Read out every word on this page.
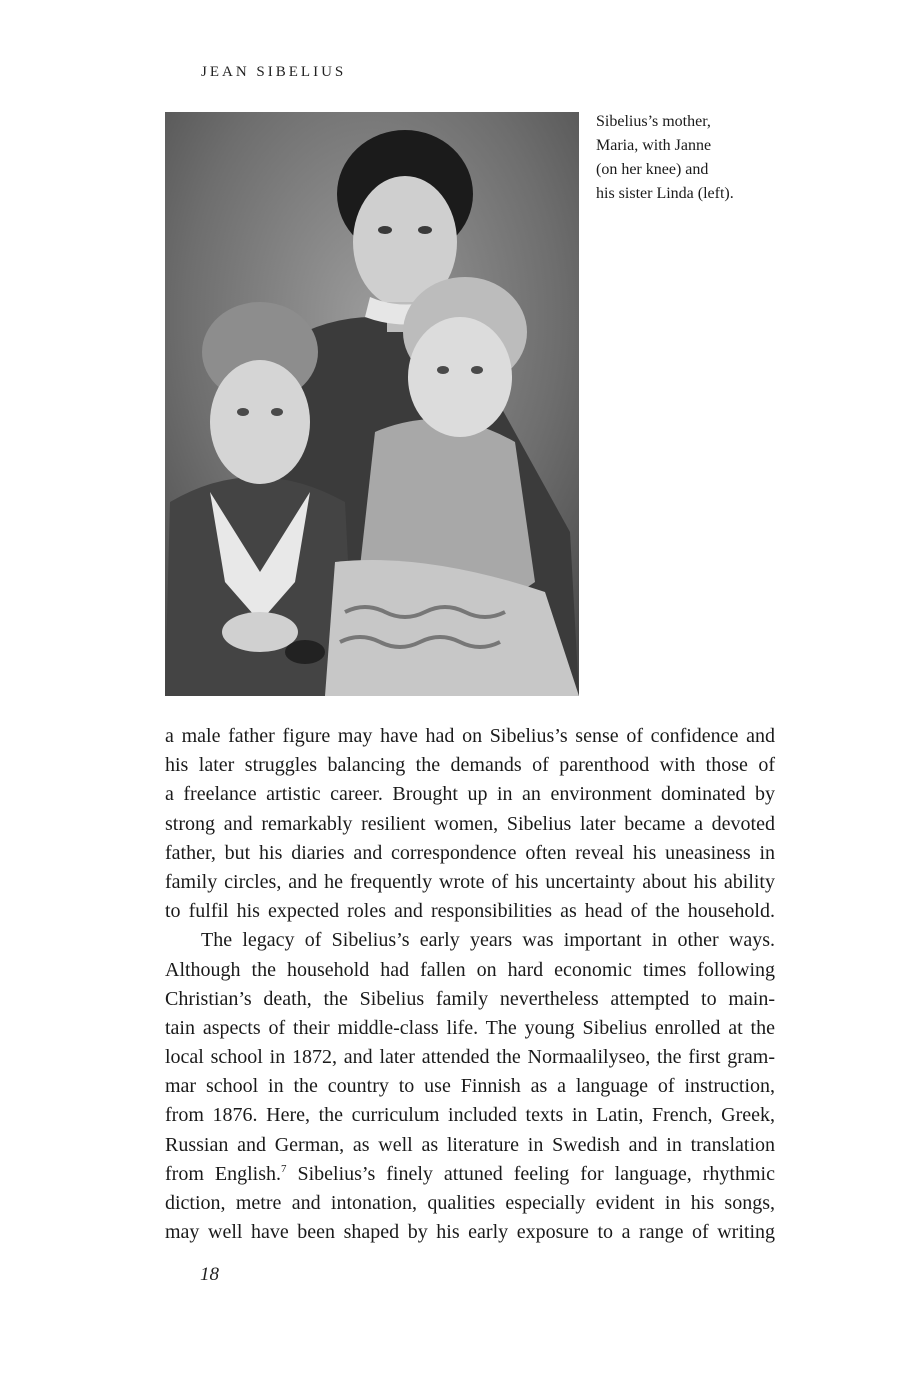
JEAN SIBELIUS
Sibelius’s mother,
Maria, with Janne
(on her knee) and
his sister Linda (left).
a male father figure may have had on Sibelius’s sense of confidence and
his later struggles balancing the demands of parenthood with those of
a freelance artistic career. Brought up in an environment dominated by
strong and remarkably resilient women, Sibelius later became a devoted
father, but his diaries and correspondence often reveal his uneasiness in
family circles, and he frequently wrote of his uncertainty about his ability
to fulfil his expected roles and responsibilities as head of the household.
The legacy of Sibelius’s early years was important in other ways.
Although the household had fallen on hard economic times following
Christian’s death, the Sibelius family nevertheless attempted to main-
tain aspects of their middle-class life. The young Sibelius enrolled at the
local school in 1872, and later attended the Normaalilyseo, the first gram-
mar school in the country to use Finnish as a language of instruction,
from 1876. Here, the curriculum included texts in Latin, French, Greek,
Russian and German, as well as literature in Swedish and in translation
from English.$^7$ Sibelius’s finely attuned feeling for language, rhythmic
diction, metre and intonation, qualities especially evident in his songs,
may well have been shaped by his early exposure to a range of writing
18
